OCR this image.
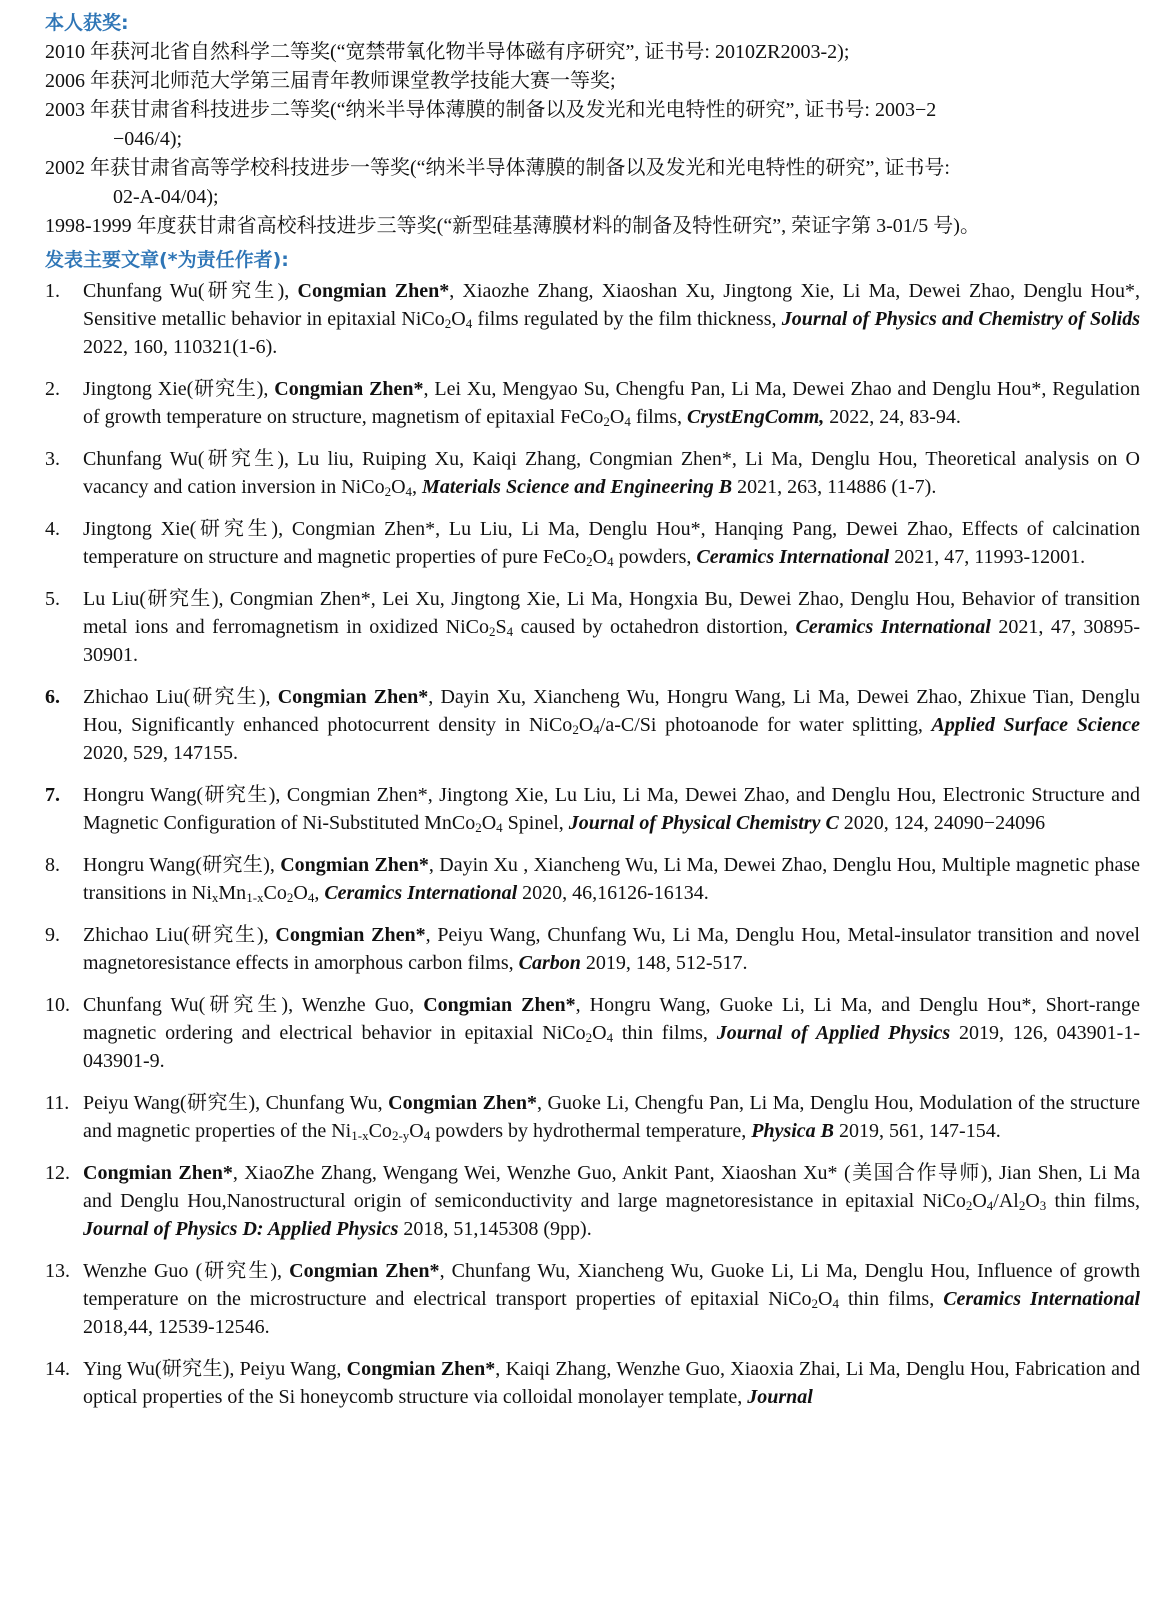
本人获奖:

2010 年获河北省自然科学二等奖(“宽禁带氧化物半导体磁有序研究”, 证书号: 2010ZR2003-2);

2006 年获河北师范大学第三届青年教师课堂教学技能大赛一等奖;

2003 年获甘肃省科技进步二等奖(“纳米半导体薄膜的制备以及发光和光电特性的研究”, 证书号: 2003−2
−046/4);

2002 年获甘肃省高等学校科技进步一等奖(“纳米半导体薄膜的制备以及发光和光电特性的研究”, 证书号:
02-A-04/04);

1998-1999 年度获甘肃省高校科技进步三等奖(“新型硅基薄膜材料的制备及特性研究”, 荣证字第 3-01/5 号)。

发表主要文章(*为责任作者):
1. Chunfang Wu(研究生), Congmian Zhen*, Xiaozhe Zhang, Xiaoshan Xu, Jingtong Xie, Li Ma, Dewei Zhao, Denglu Hou*, Sensitive metallic behavior in epitaxial $NiCo_2O_4$ films regulated by the film thickness, Journal of Physics and Chemistry of Solids 2022, 160, 110321(1-6).
2. Jingtong Xie(研究生), Congmian Zhen*, Lei Xu, Mengyao Su, Chengfu Pan, Li Ma, Dewei Zhao and Denglu Hou*, Regulation of growth temperature on structure, magnetism of epitaxial $FeCo_2O_4$ films, CrystEngComm, 2022, 24, 83-94.
3. Chunfang Wu(研究生), Lu liu, Ruiping Xu, Kaiqi Zhang, Congmian Zhen*, Li Ma, Denglu Hou, Theoretical analysis on O vacancy and cation inversion in $NiCo_2O_4$, Materials Science and Engineering B 2021, 263, 114886 (1-7).
4. Jingtong Xie(研究生), Congmian Zhen*, Lu Liu, Li Ma, Denglu Hou*, Hanqing Pang, Dewei Zhao, Effects of calcination temperature on structure and magnetic properties of pure $FeCo_2O_4$ powders, Ceramics International 2021, 47, 11993-12001.
5. Lu Liu(研究生), Congmian Zhen*, Lei Xu, Jingtong Xie, Li Ma, Hongxia Bu, Dewei Zhao, Denglu Hou, Behavior of transition metal ions and ferromagnetism in oxidized $NiCo_2S_4$ caused by octahedron distortion, Ceramics International 2021, 47, 30895-30901.
6. Zhichao Liu(研究生), Congmian Zhen*, Dayin Xu, Xiancheng Wu, Hongru Wang, Li Ma, Dewei Zhao, Zhixue Tian, Denglu Hou, Significantly enhanced photocurrent density in $NiCo_2O_4/a-C/Si$ photoanode for water splitting, Applied Surface Science 2020, 529, 147155.
7. Hongru Wang(研究生), Congmian Zhen*, Jingtong Xie, Lu Liu, Li Ma, Dewei Zhao, and Denglu Hou, Electronic Structure and Magnetic Configuration of Ni-Substituted $MnCo_2O_4$ Spinel, Journal of Physical Chemistry C 2020, 124, 24090−24096
8. Hongru Wang(研究生), Congmian Zhen*, Dayin Xu , Xiancheng Wu, Li Ma, Dewei Zhao, Denglu Hou, Multiple magnetic phase transitions in $Ni_xMn_{1-x}Co_2O_4$, Ceramics International 2020, 46,16126-16134.
9. Zhichao Liu(研究生), Congmian Zhen*, Peiyu Wang, Chunfang Wu, Li Ma, Denglu Hou, Metal-insulator transition and novel magnetoresistance effects in amorphous carbon films, Carbon 2019, 148, 512-517.
10. Chunfang Wu(研究生), Wenzhe Guo, Congmian Zhen*, Hongru Wang, Guoke Li, Li Ma, and Denglu Hou*, Short-range magnetic ordering and electrical behavior in epitaxial $NiCo_2O_4$ thin films, Journal of Applied Physics 2019, 126, 043901-1- 043901-9.
11. Peiyu Wang(研究生), Chunfang Wu, Congmian Zhen*, Guoke Li, Chengfu Pan, Li Ma, Denglu Hou, Modulation of the structure and magnetic properties of the $Ni_{1-x}Co_{2-y}O_4$ powders by hydrothermal temperature, Physica B 2019, 561, 147-154.
12. Congmian Zhen*, XiaoZhe Zhang, Wengang Wei, Wenzhe Guo, Ankit Pant, Xiaoshan Xu* (美国合作导师), Jian Shen, Li Ma and Denglu Hou,Nanostructural origin of semiconductivity and large magnetoresistance in epitaxial $NiCo_2O_4/Al_2O_3$ thin films, Journal of Physics D: Applied Physics 2018, 51,145308 (9pp).
13. Wenzhe Guo (研究生), Congmian Zhen*, Chunfang Wu, Xiancheng Wu, Guoke Li, Li Ma, Denglu Hou, Influence of growth temperature on the microstructure and electrical transport properties of epitaxial $NiCo_2O_4$ thin films, Ceramics International 2018,44, 12539-12546.
14. Ying Wu(研究生), Peiyu Wang, Congmian Zhen*, Kaiqi Zhang, Wenzhe Guo, Xiaoxia Zhai, Li Ma, Denglu Hou, Fabrication and optical properties of the Si honeycomb structure via colloidal monolayer template, Journal
